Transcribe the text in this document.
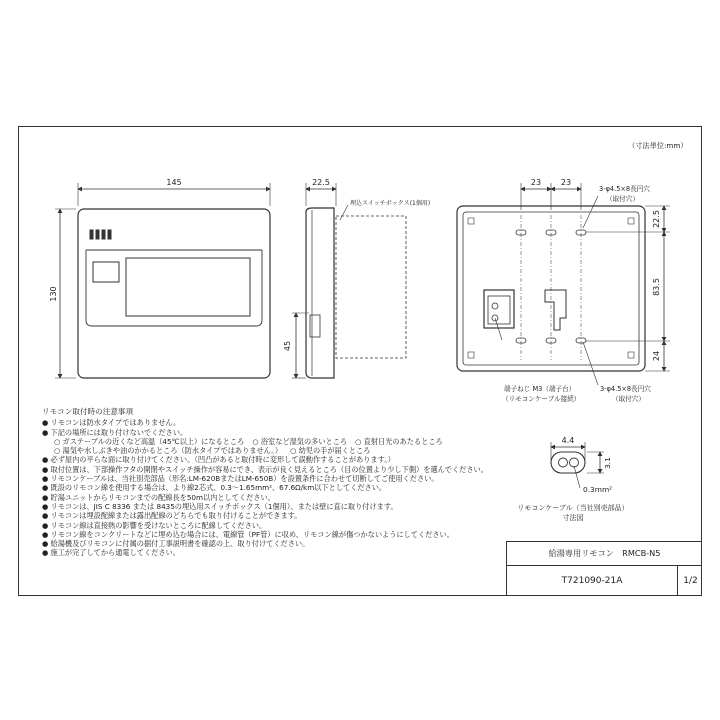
（寸法単位:mm）
145
130
22.5
45
埋込スイッチボックス(1個用)
23 23
22.5
83.5
24
3-φ4.5×8長円穴
（取付穴）
端子ねじ M3（端子台）
（リモコンケーブル接続）
3-φ4.5×8長円穴
（取付穴）
4.4
3.1
0.3mm²
リモコンケーブル（当社別売部品）
寸法図
リモコン取付時の注意事項
● リモコンは防水タイプではありません。
● 下記の場所には取り付けないでください。
○ ガステーブルの近くなど高温（45℃以上）になるところ ○ 浴室など湿気の多いところ ○ 直射日光のあたるところ
○ 湯気や水しぶきや油のかかるところ（防水タイプではありません。） ○ 幼児の手が届くところ
● 必ず屋内の平らな面に取り付けてください。（凹凸があると取付時に変形して誤動作することがあります。）
● 取付位置は、下部操作フタの開閉やスイッチ操作が容易にでき、表示が良く見えるところ（目の位置より少し下側）を選んでください。
● リモコンケーブルは、当社別売部品（形名:LM-620BまたはLM-650B）を設置条件に合わせて切断してご使用ください。
● 既設のリモコン線を使用する場合は、より線2芯式、0.3～1.65mm²、67.6Ω/km以下としてください。
● 貯湯ユニットからリモコンまでの配線長を50m以内としてください。
● リモコンは、JIS C 8336 または 8435の埋込用スイッチボックス（1個用）、または壁に直に取り付けます。
● リモコンは埋設配線または露出配線のどちらでも取り付けることができます。
● リモコン線は直接熱の影響を受けないところに配線してください。
● リモコン線をコンクリートなどに埋め込む場合には、電線管（PF管）に収め、リモコン線が傷つかないようにしてください。
● 給湯機及びリモコンに付属の据付工事説明書を確認の上、取り付けてください。
● 施工が完了してから通電してください。	給湯専用リモコン　RMCB-N5
T721090-21A	1/2
